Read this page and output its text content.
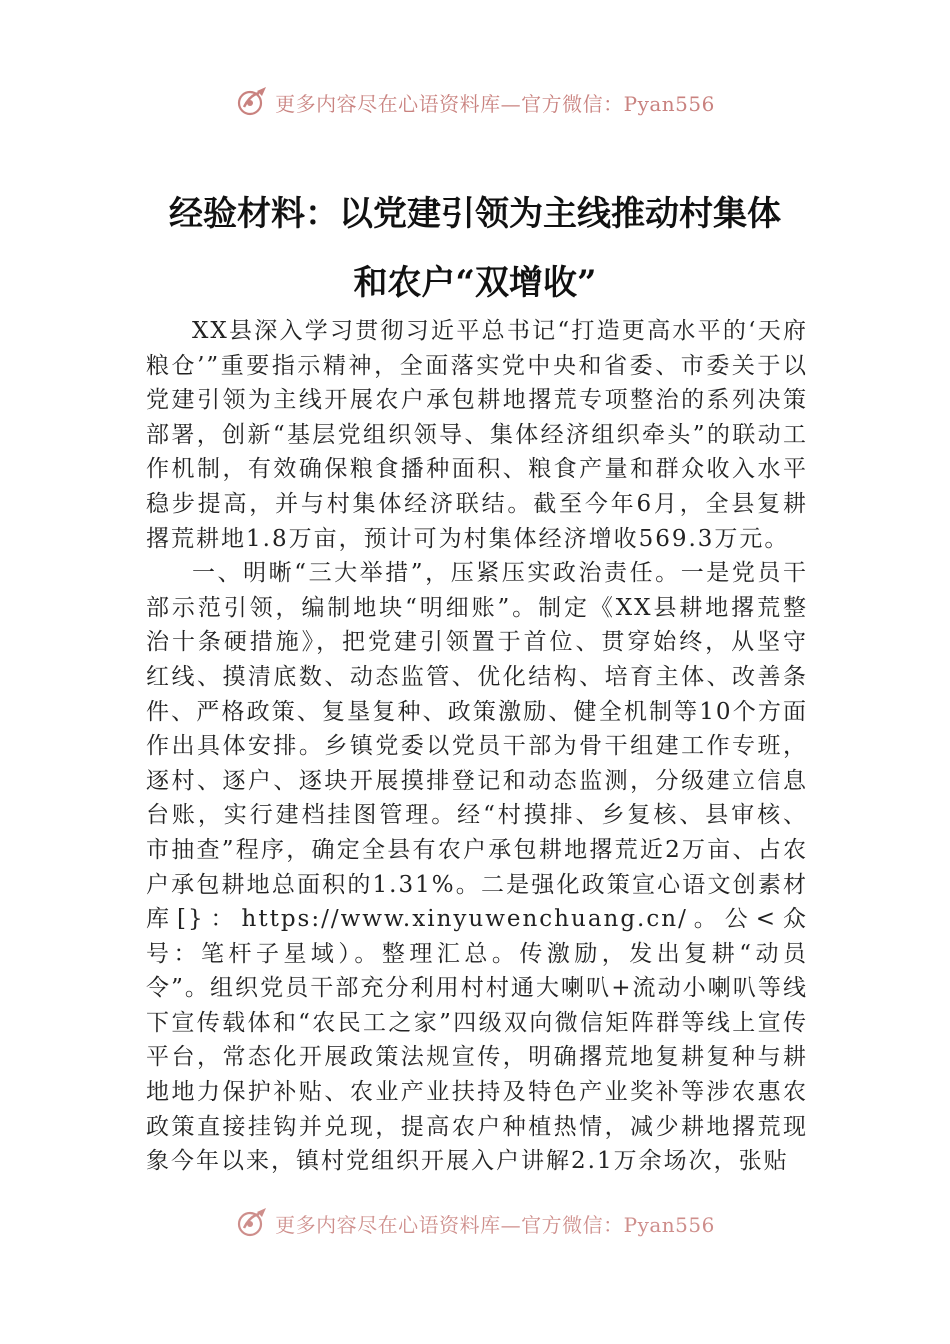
更多内容尽在心语资料库—官方微信：Pyan556
经验材料：以党建引领为主线推动村集体
和农户“双增收”

XX县深入学习贯彻习近平总书记“打造更高水平的‘天府粮仓’”重要指示精神，全面落实党中央和省委、市委关于以党建引领为主线开展农户承包耕地撂荒专项整治的系列决策部署，创新“基层党组织领导、集体经济组织牵头”的联动工作机制，有效确保粮食播种面积、粮食产量和群众收入水平稳步提高，并与村集体经济联结。截至今年6月，全县复耕撂荒耕地1.8万亩，预计可为村集体经济增收569.3万元。

一、明晰“三大举措”，压紧压实政治责任。一是党员干部示范引领，编制地块“明细账”。制定《XX县耕地撂荒整治十条硬措施》，把党建引领置于首位、贯穿始终，从坚守红线、摸清底数、动态监管、优化结构、培育主体、改善条件、严格政策、复垦复种、政策激励、健全机制等10个方面作出具体安排。乡镇党委以党员干部为骨干组建工作专班，逐村、逐户、逐块开展摸排登记和动态监测，分级建立信息台账，实行建档挂图管理。经“村摸排、乡复核、县审核、市抽查”程序，确定全县有农户承包耕地撂荒近2万亩、占农户承包耕地总面积的1.31%。二是强化政策宣心语文创素材库[}：https://www.xinyuwenchuang.cn/。公<众号：笔杆子星域）。整理汇总。传激励，发出复耕“动员令”。组织党员干部充分利用村村通大喇叭+流动小喇叭等线下宣传载体和“农民工之家”四级双向微信矩阵群等线上宣传平台，常态化开展政策法规宣传，明确撂荒地复耕复种与耕地地力保护补贴、农业产业扶持及特色产业奖补等涉农惠农政策直接挂钩并兑现，提高农户种植热情，减少耕地撂荒现象今年以来，镇村党组织开展入户讲解2.1万余场次，张贴

更多内容尽在心语资料库—官方微信：Pyan556
